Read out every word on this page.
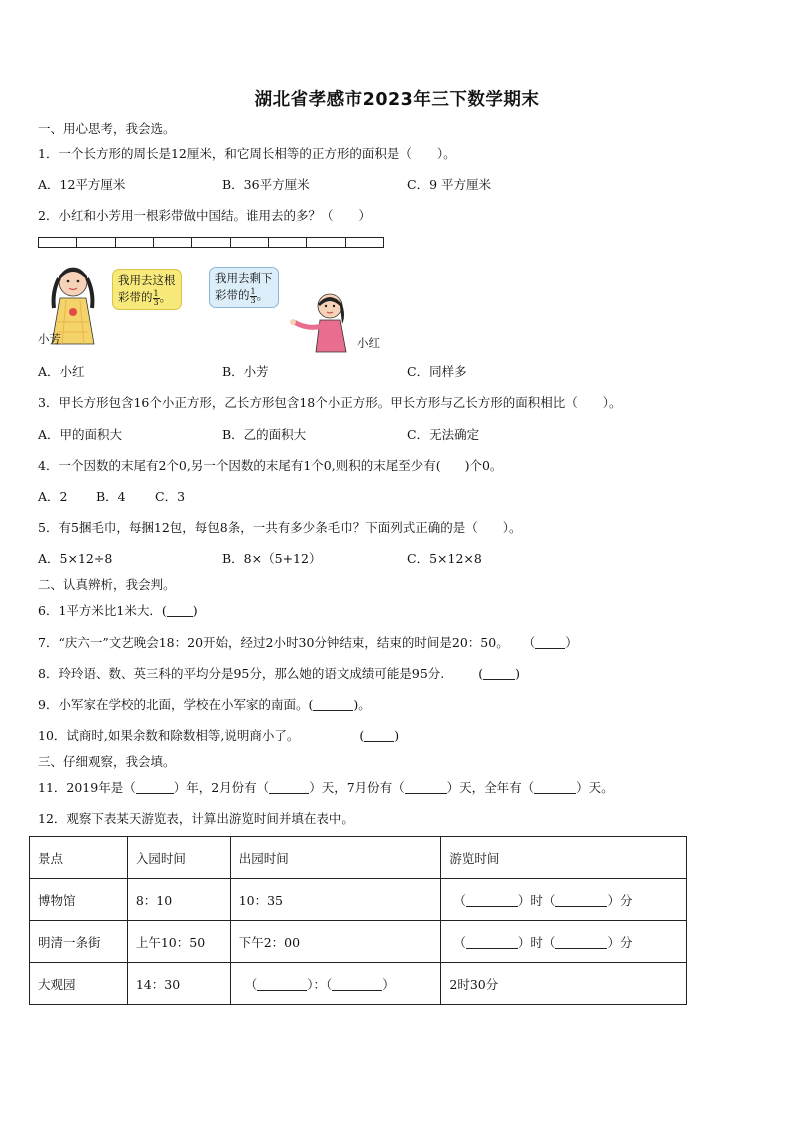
湖北省孝感市2023年三下数学期末
一、用心思考，我会选。
1．一个长方形的周长是12厘米，和它周长相等的正方形的面积是（　　）。
A．12平方厘米	B．36平方厘米	C．9 平方厘米
2．小红和小芳用一根彩带做中国结。谁用去的多？（　　）
我用去这根
彩带的 $\frac{1}{3}$ 。
小芳
我用去剩下
彩带的 $\frac{1}{3}$ 。
小红
A．小红	B．小芳	C．同样多
3．甲长方形包含16个小正方形，乙长方形包含18个小正方形。甲长方形与乙长方形的面积相比（　　）。
A．甲的面积大	B．乙的面积大	C．无法确定
4．一个因数的末尾有2个0,另一个因数的末尾有1个0,则积的末尾至少有( )个0。
A．2 B．4 C．3
5．有5捆毛巾，每捆12包，每包8条，一共有多少条毛巾？下面列式正确的是（　　）。
A．5×12÷8	B．8×（5+12）	C．5×12×8
二、认真辨析，我会判。
6．1平方米比1米大．( )
7．“庆六一”文艺晚会18：20开始，经过2小时30分钟结束，结束的时间是20：50。 （ ）
8．玲玲语、数、英三科的平均分是95分，那么她的语文成绩可能是95分.	(	)
9．小军家在学校的北面，学校在小军家的南面。(	)。
10．试商时,如果余数和除数相等,说明商小了。	( )
三、仔细观察，我会填。
11．2019年是（	）年，2月份有（	）天，7月份有（	）天，全年有（	）天。
12．观察下表某天游览表，计算出游览时间并填在表中。
景点	入园时间	出园时间	游览时间
博物馆	8：10	10：35	（ ）时（ ）分
明清一条街	上午10：50	下午2：00	（ ）时（ ）分
大观园	14：30	（ ）：（ ）	2时30分
